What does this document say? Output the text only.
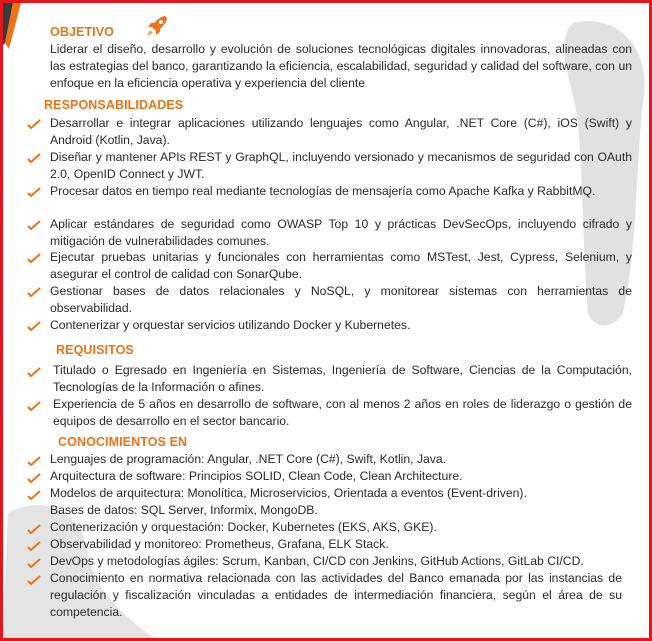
OBJETIVO
Liderar el diseño, desarrollo y evolución de soluciones tecnológicas digitales innovadoras, alineadas con las estrategias del banco, garantizando la eficiencia, escalabilidad, seguridad y calidad del software, con un enfoque en la eficiencia operativa y experiencia del cliente
RESPONSABILIDADES
Desarrollar e integrar aplicaciones utilizando lenguajes como Angular, .NET Core (C#), iOS (Swift) y Android (Kotlin, Java).
Diseñar y mantener APIs REST y GraphQL, incluyendo versionado y mecanismos de seguridad con OAuth 2.0, OpenID Connect y JWT.
Procesar datos en tiempo real mediante tecnologías de mensajería como Apache Kafka y RabbitMQ.
Aplicar estándares de seguridad como OWASP Top 10 y prácticas DevSecOps, incluyendo cifrado y mitigación de vulnerabilidades comunes.
Ejecutar pruebas unitarias y funcionales con herramientas como MSTest, Jest, Cypress, Selenium, y asegurar el control de calidad con SonarQube.
Gestionar bases de datos relacionales y NoSQL, y monitorear sistemas con herramientas de observabilidad.
Contenerizar y orquestar servicios utilizando Docker y Kubernetes.
REQUISITOS
Titulado o Egresado en Ingeniería en Sistemas, Ingeniería de Software, Ciencias de la Computación, Tecnologías de la Información o afines.
Experiencia de 5 años en desarrollo de software, con al menos 2 años en roles de liderazgo o gestión de equipos de desarrollo en el sector bancario.
CONOCIMIENTOS EN
Lenguajes de programación: Angular, .NET Core (C#), Swift, Kotlin, Java.
Arquitectura de software: Principios SOLID, Clean Code, Clean Architecture.
Modelos de arquitectura: Monolítica, Microservicios, Orientada a eventos (Event-driven).
Bases de datos: SQL Server, Informix, MongoDB.
Contenerización y orquestación: Docker, Kubernetes (EKS, AKS, GKE).
Observabilidad y monitoreo: Prometheus, Grafana, ELK Stack.
DevOps y metodologías ágiles: Scrum, Kanban, CI/CD con Jenkins, GitHub Actions, GitLab CI/CD.
Conocimiento en normativa relacionada con las actividades del Banco emanada por las instancias de regulación y fiscalización vinculadas a entidades de intermediación financiera, según el área de su competencia.
